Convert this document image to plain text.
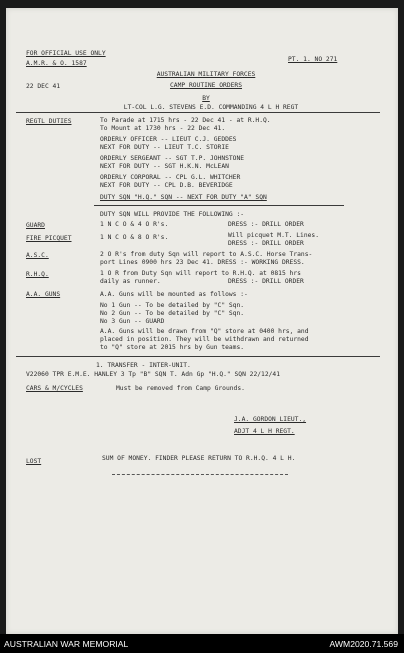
FOR OFFICIAL USE ONLY
A.M.R. & O. 1587
PT. 1. NO 271
AUSTRALIAN MILITARY FORCES
CAMP ROUTINE ORDERS
BY
22 DEC 41
LT-COL L.G. STEVENS E.D. COMMANDING 4 L H REGT
REGTL DUTIES	To Parade at 1715 hrs - 22 Dec 41 - at R.H.Q.
To Mount at 1730 hrs - 22 Dec 41.
ORDERLY OFFICER -- LIEUT C.J. GEDDES
NEXT FOR DUTY -- LIEUT T.C. STORIE
ORDERLY SERGEANT -- SGT T.P. JOHNSTONE
NEXT FOR DUTY -- SGT H.K.N. McLEAN
ORDERLY CORPORAL -- CPL G.L. WHITCHER
NEXT FOR DUTY -- CPL D.B. BEVERIDGE
DUTY SQN "H.Q." SQN -- NEXT FOR DUTY "A" SQN
DUTY SQN WILL PROVIDE THE FOLLOWING :-
GUARD	1 N C O & 4 O R's.	DRESS :- DRILL ORDER
FIRE PICQUET	1 N C O & 8 O R's.	Will picquet M.T. Lines.
DRESS :- DRILL ORDER
A.S.C.	2 O R's from duty Sqn will report to A.S.C. Horse Trans-
port Lines 0900 hrs 23 Dec 41. DRESS :- WORKING DRESS.
R.H.Q.	1 O R from Duty Sqn will report to R.H.Q. at 0815 hrs
daily as runner.	DRESS :- DRILL ORDER
A.A. GUNS	A.A. Guns will be mounted as follows :-
No 1 Gun -- To be detailed by "C" Sqn.
No 2 Gun -- To be detailed by "C" Sqn.
No 3 Gun -- GUARD
A.A. Guns will be drawn from "Q" store at 0400 hrs, and
placed in position. They will be withdrawn and returned
to "Q" store at 2015 hrs by Gun teams.
1. TRANSFER - INTER-UNIT.
V22060 TPR E.M.E. HANLEY 3 Tp "B" SQN T. Adn Gp "H.Q." SQN 22/12/41
CARS & M/CYCLES	Must be removed from Camp Grounds.
J.A. GORDON LIEUT.,
ADJT 4 L H REGT.
LOST	SUM OF MONEY. FINDER PLEASE RETURN TO R.H.Q. 4 L H.
AUSTRALIAN WAR MEMORIAL	AWM2020.71.569
